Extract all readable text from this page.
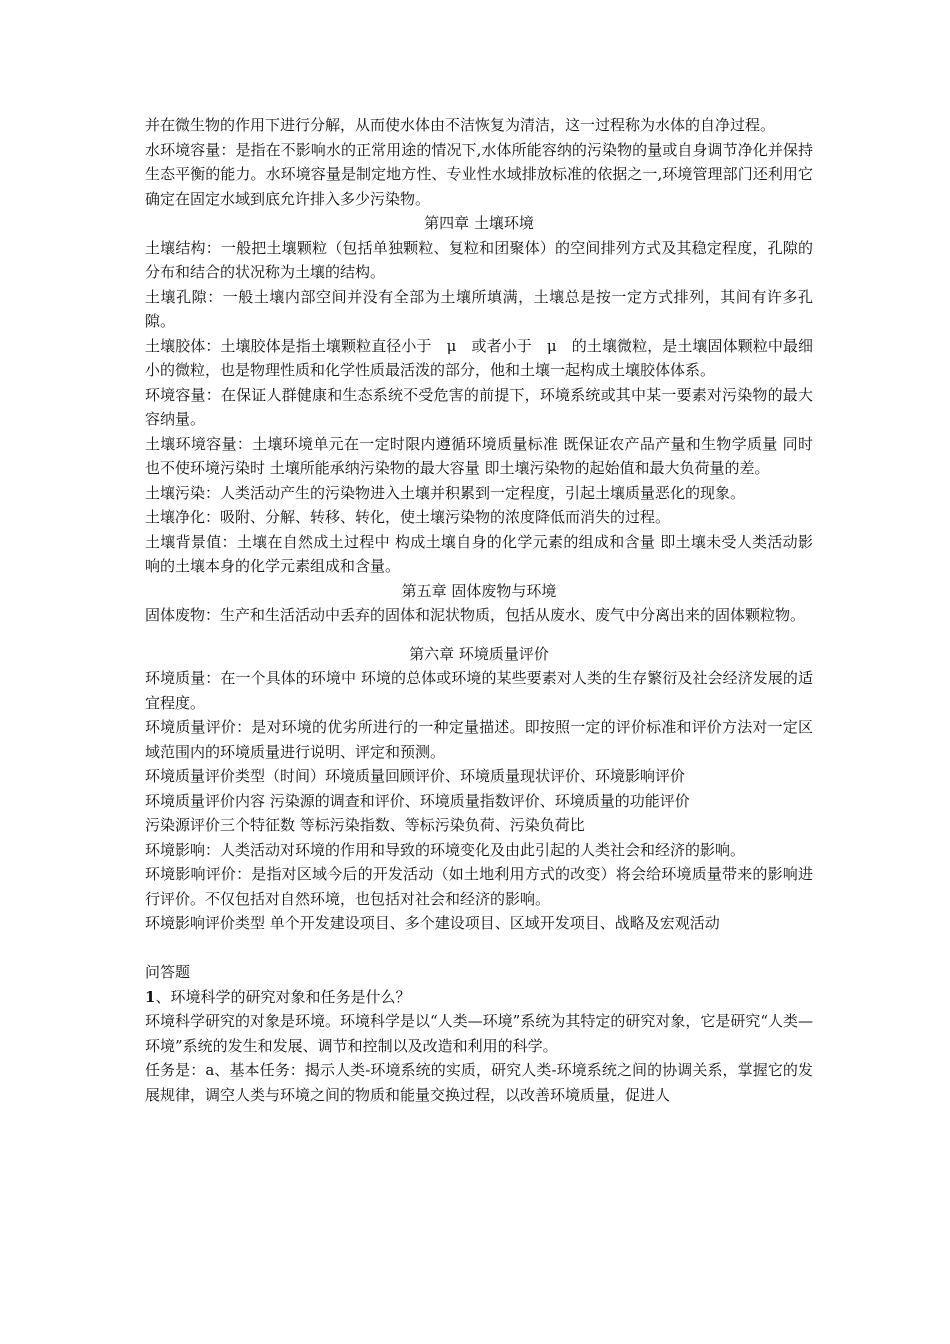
并在微生物的作用下进行分解，从而使水体由不洁恢复为清洁，这一过程称为水体的自净过程。

水环境容量：是指在不影响水的正常用途的情况下,水体所能容纳的污染物的量或自身调节净化并保持生态平衡的能力。水环境容量是制定地方性、专业性水域排放标准的依据之一,环境管理部门还利用它确定在固定水域到底允许排入多少污染物。

第四章 土壤环境

土壤结构：一般把土壤颗粒（包括单独颗粒、复粒和团聚体）的空间排列方式及其稳定程度，孔隙的分布和结合的状况称为土壤的结构。

土壤孔隙：一般土壤内部空间并没有全部为土壤所填满，土壤总是按一定方式排列，其间有许多孔隙。

土壤胶体：土壤胶体是指土壤颗粒直径小于　μ　或者小于　μ　的土壤微粒，是土壤固体颗粒中最细小的微粒，也是物理性质和化学性质最活泼的部分，他和土壤一起构成土壤胶体体系。

环境容量：在保证人群健康和生态系统不受危害的前提下，环境系统或其中某一要素对污染物的最大容纳量。

土壤环境容量：土壤环境单元在一定时限内遵循环境质量标准 既保证农产品产量和生物学质量 同时也不使环境污染时 土壤所能承纳污染物的最大容量 即土壤污染物的起始值和最大负荷量的差。

土壤污染：人类活动产生的污染物进入土壤并积累到一定程度，引起土壤质量恶化的现象。

土壤净化：吸附、分解、转移、转化，使土壤污染物的浓度降低而消失的过程。

土壤背景值：土壤在自然成土过程中 构成土壤自身的化学元素的组成和含量 即土壤未受人类活动影响的土壤本身的化学元素组成和含量。

第五章 固体废物与环境

固体废物：生产和生活活动中丢弃的固体和泥状物质，包括从废水、废气中分离出来的固体颗粒物。

第六章 环境质量评价

环境质量：在一个具体的环境中 环境的总体或环境的某些要素对人类的生存繁衍及社会经济发展的适宜程度。

环境质量评价：是对环境的优劣所进行的一种定量描述。即按照一定的评价标准和评价方法对一定区域范围内的环境质量进行说明、评定和预测。

环境质量评价类型（时间）环境质量回顾评价、环境质量现状评价、环境影响评价

环境质量评价内容 污染源的调查和评价、环境质量指数评价、环境质量的功能评价

污染源评价三个特征数 等标污染指数、等标污染负荷、污染负荷比

环境影响：人类活动对环境的作用和导致的环境变化及由此引起的人类社会和经济的影响。

环境影响评价：是指对区域今后的开发活动（如土地利用方式的改变）将会给环境质量带来的影响进行评价。不仅包括对自然环境，也包括对社会和经济的影响。

环境影响评价类型 单个开发建设项目、多个建设项目、区域开发项目、战略及宏观活动

问答题

1、环境科学的研究对象和任务是什么？

环境科学研究的对象是环境。环境科学是以“人类—环境”系统为其特定的研究对象，它是研究“人类—环境”系统的发生和发展、调节和控制以及改造和利用的科学。

任务是：a、基本任务：揭示人类-环境系统的实质，研究人类-环境系统之间的协调关系，掌握它的发展规律，调空人类与环境之间的物质和能量交换过程，以改善环境质量，促进人
